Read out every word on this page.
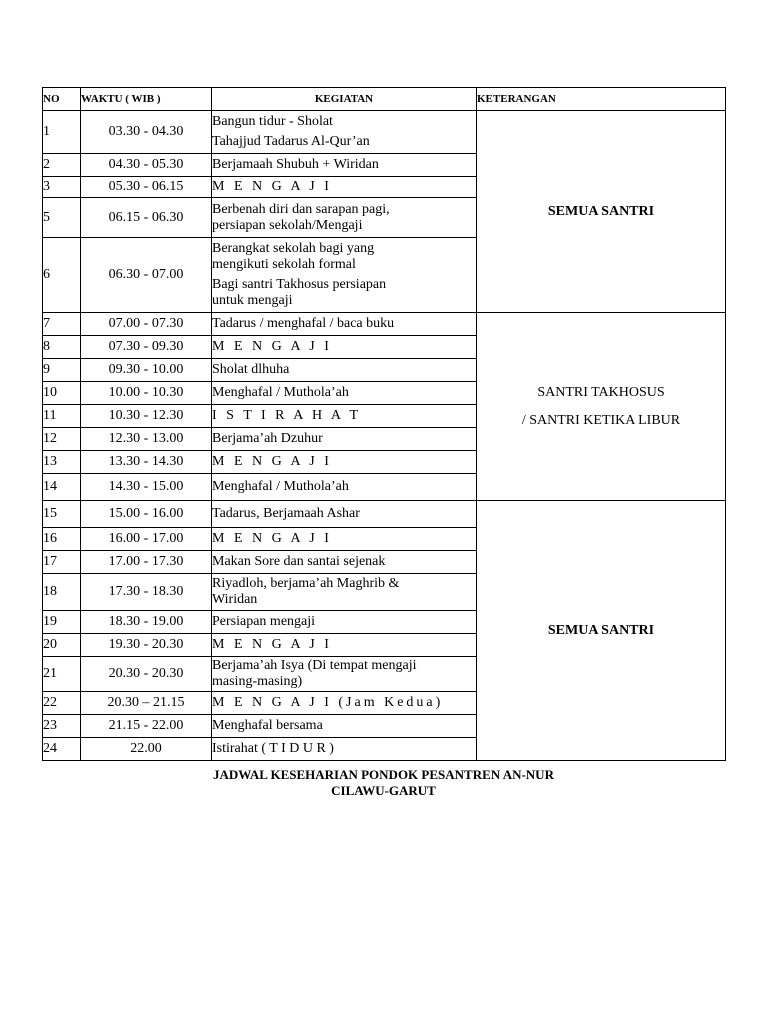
NO	WAKTU ( WIB )	KEGIATAN	KETERANGAN
1	03.30 - 04.30	Bangun tidur - Sholat
Tahajjud Tadarus Al-Qur’an	SEMUA SANTRI
2	04.30 - 05.30	Berjamaah Shubuh + Wiridan	

3	05.30 - 06.15	M E N G A J I	

5	06.15 - 06.30	Berbenah diri dan sarapan pagi,
persiapan sekolah/Mengaji	

6	06.30 - 07.00	Berangkat sekolah bagi yang
mengikuti sekolah formal
Bagi santri Takhosus persiapan
untuk mengaji	

7	07.00 - 07.30	Tadarus / menghafal / baca buku	SANTRI TAKHOSUS
/ SANTRI KETIKA LIBUR

8	07.30 - 09.30	M E N G A J I	

9	09.30 - 10.00	Sholat dlhuha	

10	10.00 - 10.30	Menghafal / Muthola’ah	

11	10.30 - 12.30	I S T I R A H A T	

12	12.30 - 13.00	Berjama’ah Dzuhur	

13	13.30 - 14.30	M E N G A J I	

14	14.30 - 15.00	Menghafal / Muthola’ah	

15	15.00 - 16.00	Tadarus, Berjamaah Ashar	SEMUA SANTRI
16	16.00 - 17.00	M E N G A J I	

17	17.00 - 17.30	Makan Sore dan santai sejenak	

18	17.30 - 18.30	Riyadloh, berjama’ah Maghrib &
Wiridan	

19	18.30 - 19.00	Persiapan mengaji	

20	19.30 - 20.30	M E N G A J I	

21	20.30 - 20.30	Berjama’ah Isya (Di tempat mengaji
masing-masing)	

22	20.30 – 21.15	M E N G A J I (Jam Kedua)	

23	21.15 - 22.00	Menghafal bersama	

24	22.00	Istirahat ( T I D U R )	
JADWAL KESEHARIAN PONDOK PESANTREN AN-NUR
CILAWU-GARUT
